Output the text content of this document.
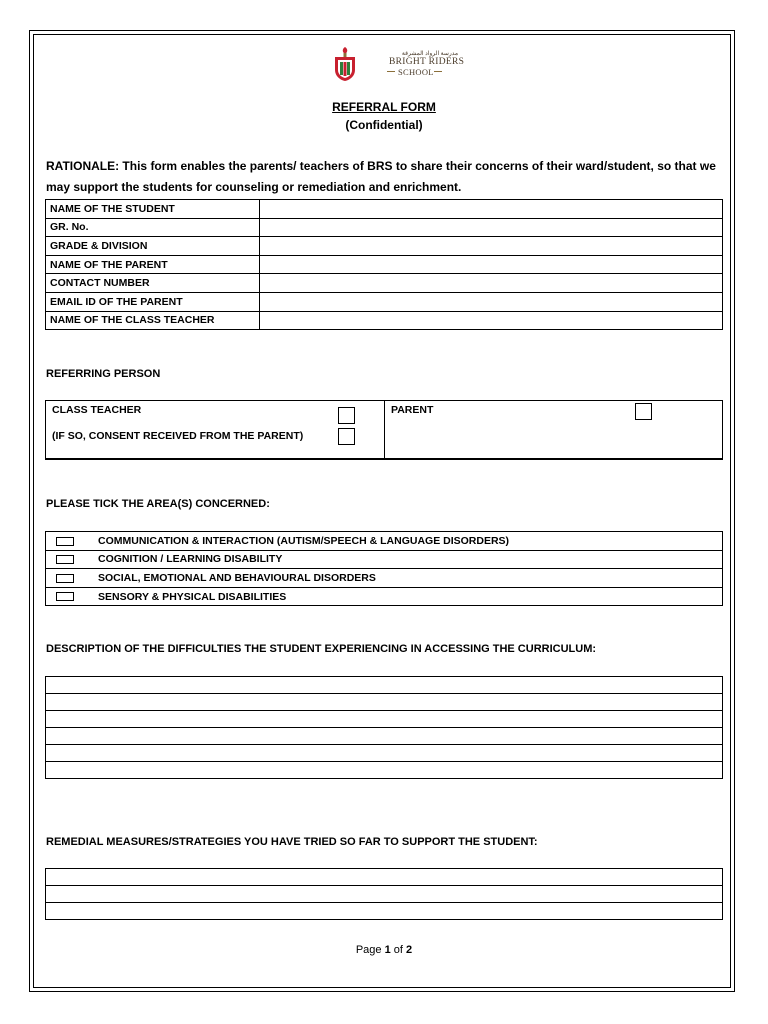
مدرسة الرواد المشرقة
BRIGHT RIDERS
SCHOOL
REFERRAL FORM
(Confidential)
RATIONALE: This form enables the parents/ teachers of BRS to share their concerns of their ward/student, so that we may support the students for counseling or remediation and enrichment.
NAME OF THE STUDENT	
GR. No.	
GRADE & DIVISION	
NAME OF THE PARENT	
CONTACT NUMBER	
EMAIL ID OF THE PARENT	
NAME OF THE CLASS TEACHER	
REFERRING PERSON
CLASS TEACHER
(IF SO, CONSENT RECEIVED FROM THE PARENT)
PARENT
PLEASE TICK THE AREA(S) CONCERNED:
COMMUNICATION & INTERACTION (AUTISM/SPEECH & LANGUAGE DISORDERS)
COGNITION / LEARNING DISABILITY
SOCIAL, EMOTIONAL AND BEHAVIOURAL DISORDERS
SENSORY & PHYSICAL DISABILITIES
DESCRIPTION OF THE DIFFICULTIES THE STUDENT EXPERIENCING IN ACCESSING THE CURRICULUM:

REMEDIAL MEASURES/STRATEGIES YOU HAVE TRIED SO FAR TO SUPPORT THE STUDENT:

Page 1 of 2
